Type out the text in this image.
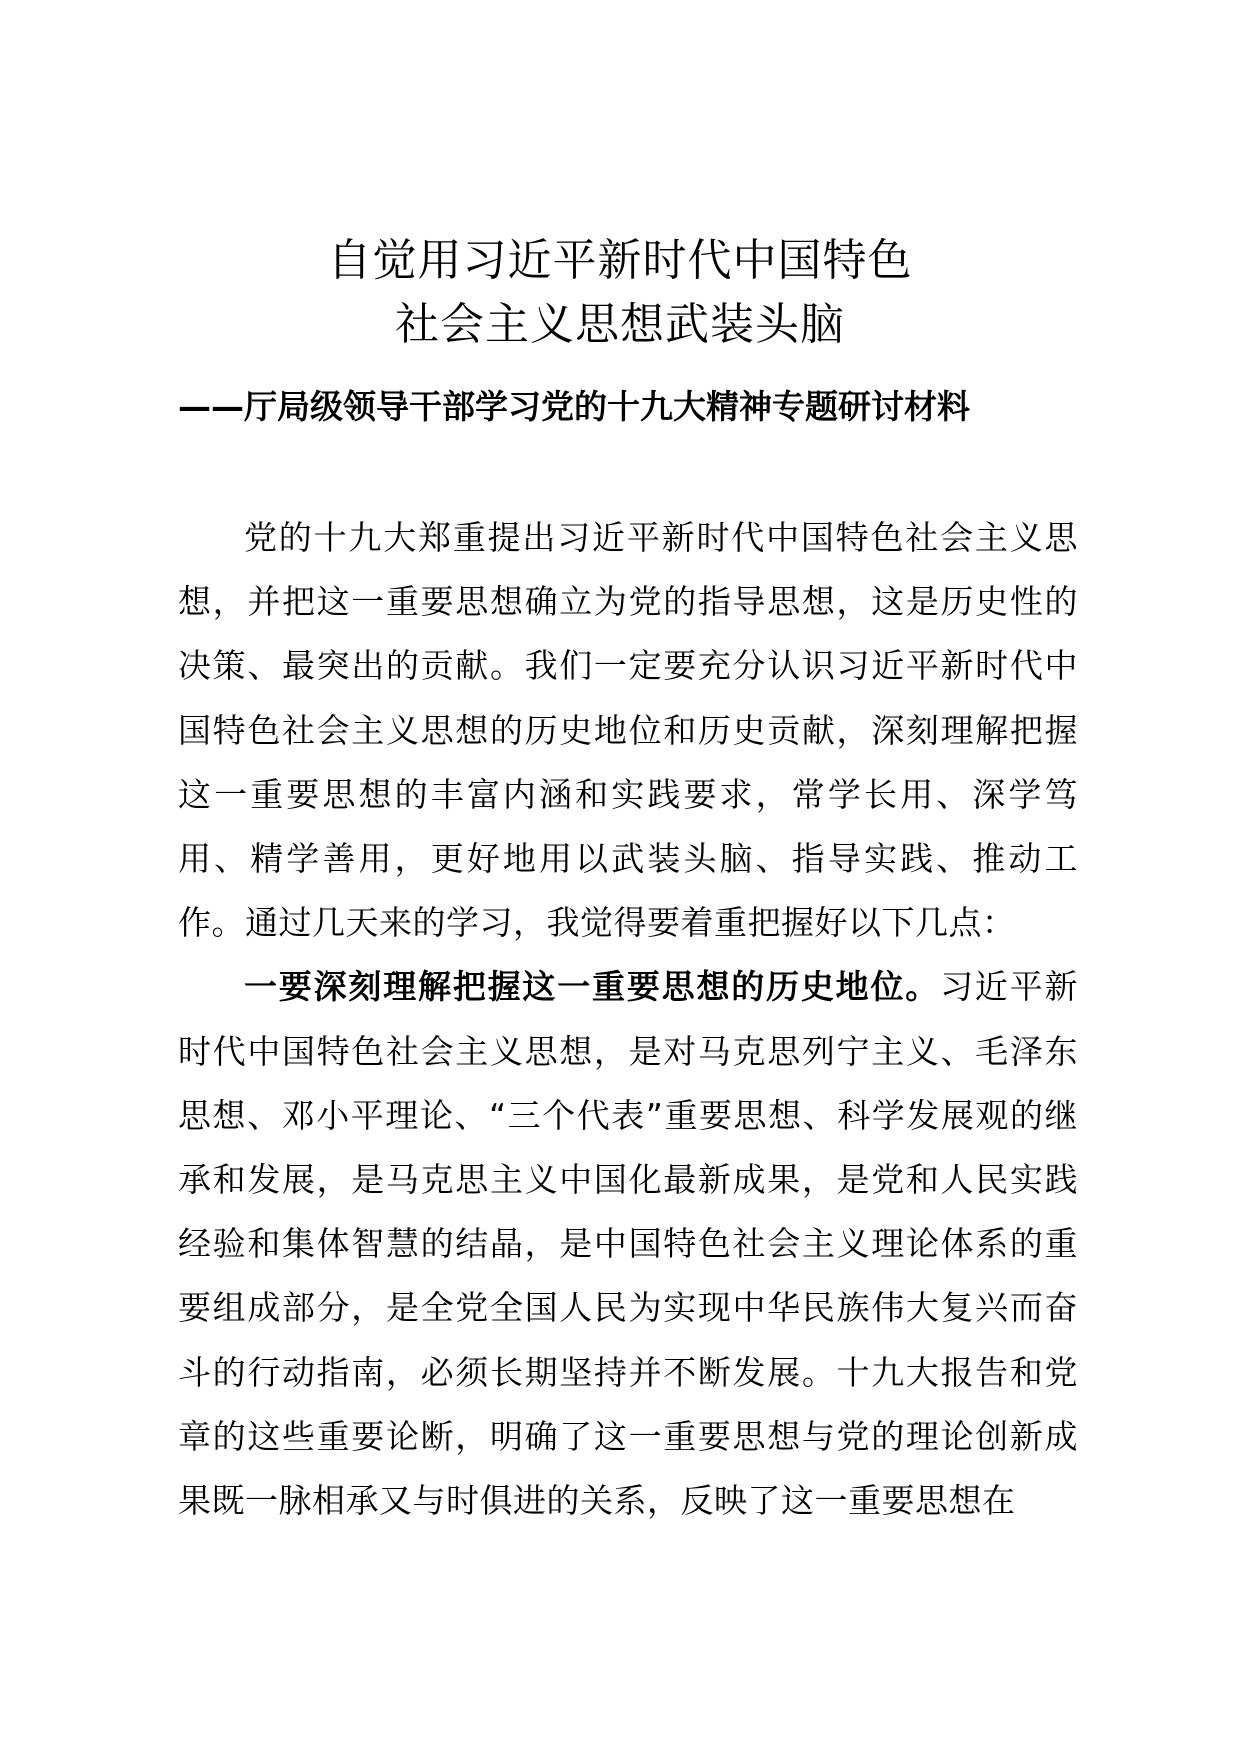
自觉用习近平新时代中国特色
社会主义思想武装头脑
——厅局级领导干部学习党的十九大精神专题研讨材料

党的十九大郑重提出习近平新时代中国特色社会主义思想，并把这一重要思想确立为党的指导思想，这是历史性的决策、最突出的贡献。我们一定要充分认识习近平新时代中国特色社会主义思想的历史地位和历史贡献，深刻理解把握这一重要思想的丰富内涵和实践要求，常学长用、深学笃用、精学善用，更好地用以武装头脑、指导实践、推动工作。通过几天来的学习，我觉得要着重把握好以下几点：

一要深刻理解把握这一重要思想的历史地位。习近平新时代中国特色社会主义思想，是对马克思列宁主义、毛泽东思想、邓小平理论、“三个代表”重要思想、科学发展观的继承和发展，是马克思主义中国化最新成果，是党和人民实践经验和集体智慧的结晶，是中国特色社会主义理论体系的重要组成部分，是全党全国人民为实现中华民族伟大复兴而奋斗的行动指南，必须长期坚持并不断发展。十九大报告和党章的这些重要论断，明确了这一重要思想与党的理论创新成果既一脉相承又与时俱进的关系，反映了这一重要思想在
